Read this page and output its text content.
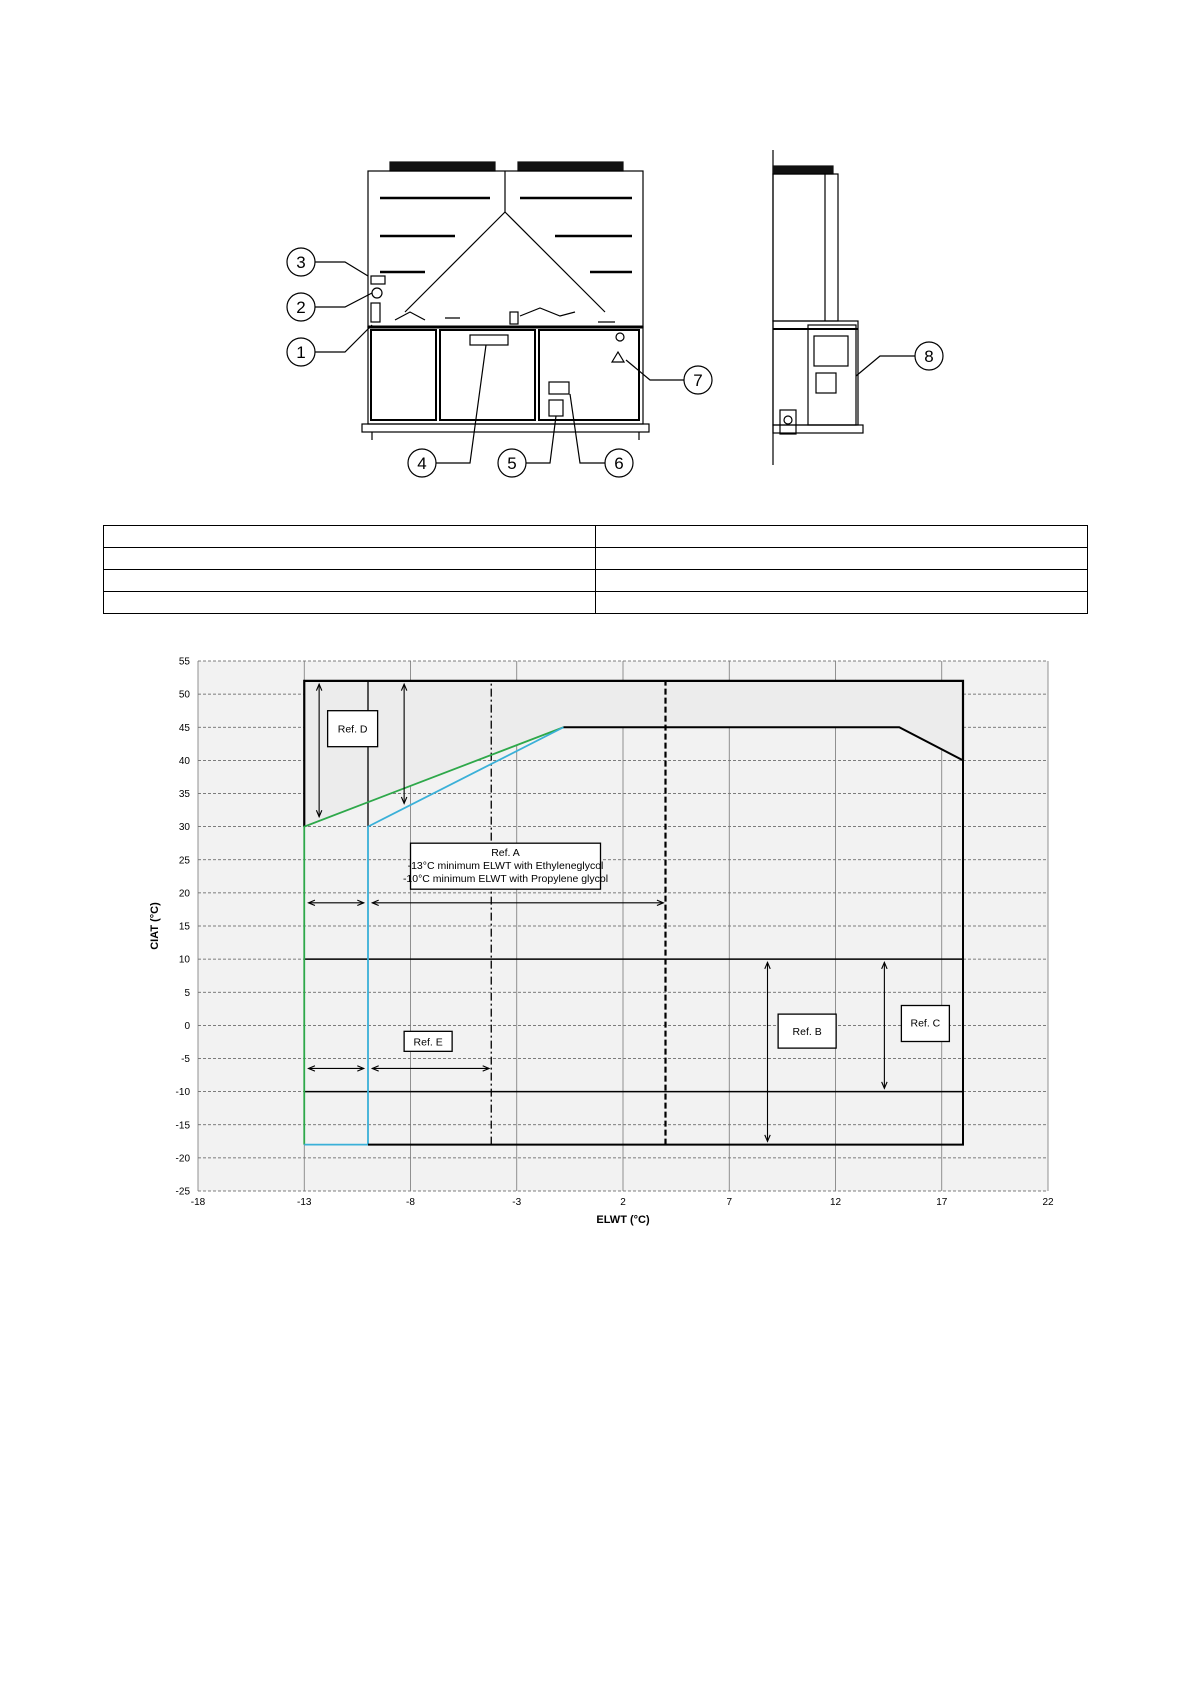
3
2
1
4	5	6
7
8

-18	-13	-8	-3	2	7	12	17	22
55
50
45
40
35
30
25
20
15
10
5
0
-5
-10
-15
-20
-25
ELWT (°C)
CIAT (°C)
Ref. A
-13°C minimum ELWT with Ethyleneglycol
-10°C minimum ELWT with Propylene glycol
Ref. B
Ref. C
Ref. D
Ref. E
